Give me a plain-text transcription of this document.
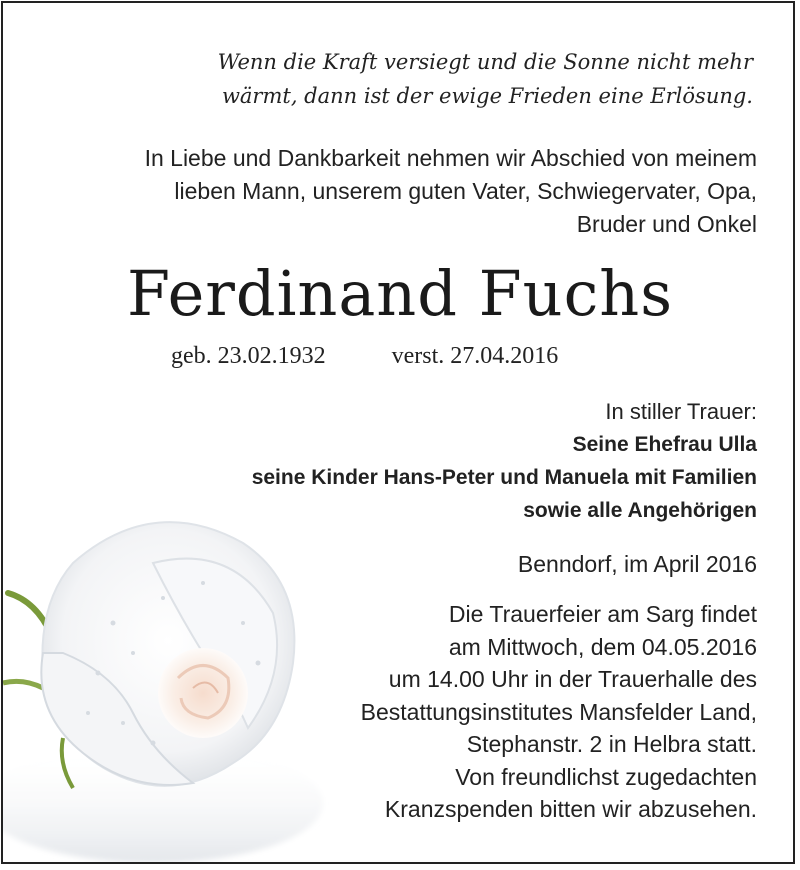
Wenn die Kraft versiegt und die Sonne nicht mehr
wärmt, dann ist der ewige Frieden eine Erlösung.
In Liebe und Dankbarkeit nehmen wir Abschied von meinem
lieben Mann, unserem guten Vater, Schwiegervater, Opa,
Bruder und Onkel
Ferdinand Fuchs
geb. 23.02.1932	verst. 27.04.2016
In stiller Trauer:
Seine Ehefrau Ulla
seine Kinder Hans-Peter und Manuela mit Familien
sowie alle Angehörigen
Benndorf, im April 2016
Die Trauerfeier am Sarg findet
am Mittwoch, dem 04.05.2016
um 14.00 Uhr in der Trauerhalle des
Bestattungsinstitutes Mansfelder Land,
Stephanstr. 2 in Helbra statt.
Von freundlichst zugedachten
Kranzspenden bitten wir abzusehen.
